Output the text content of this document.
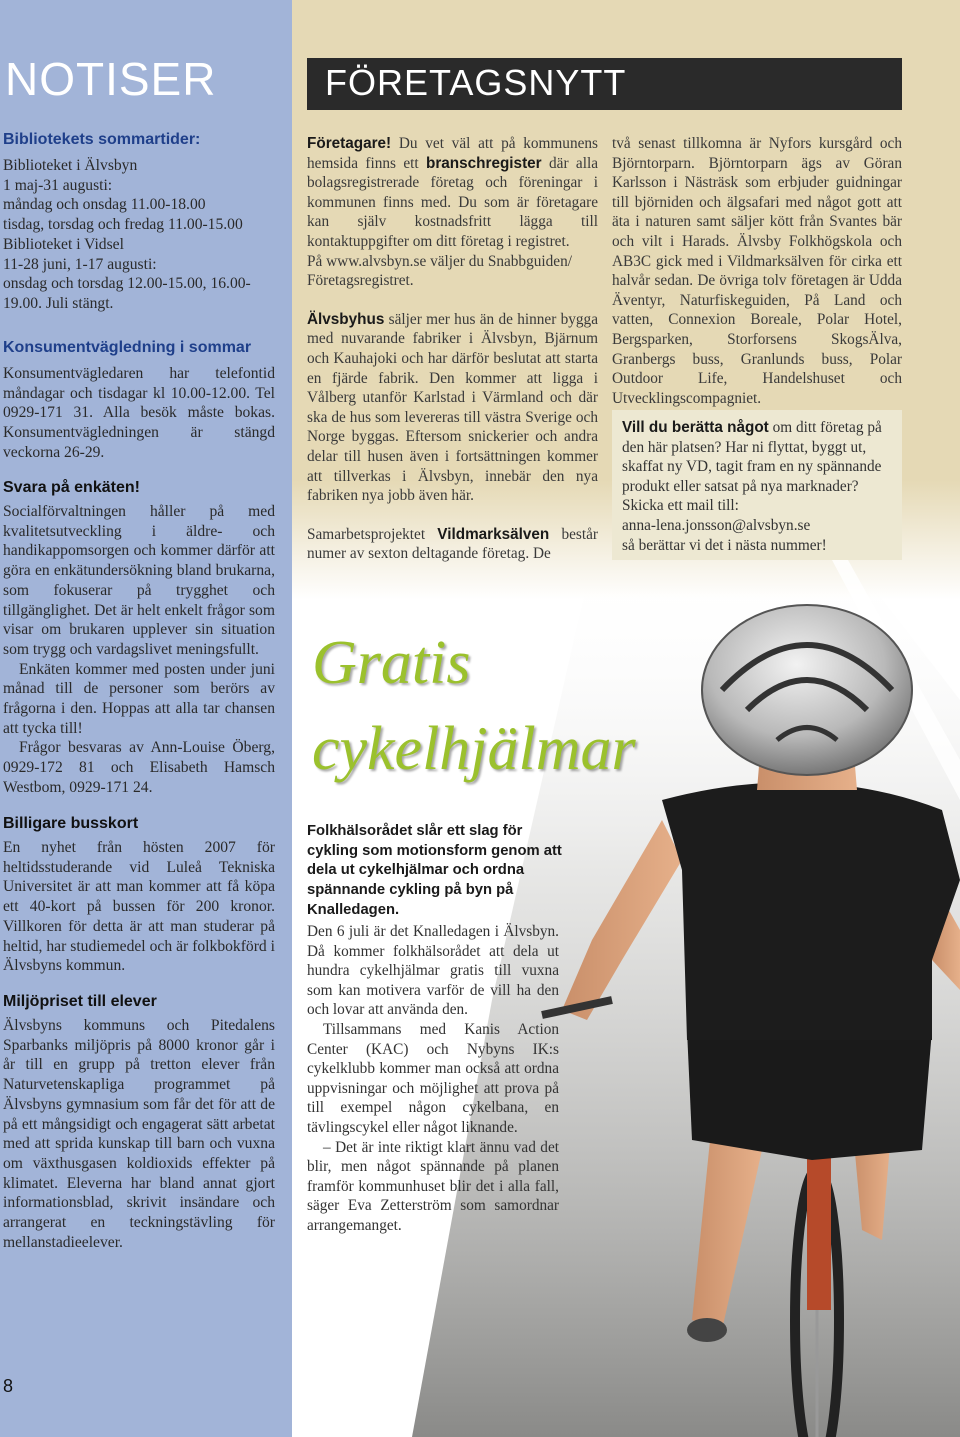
NOTISER
Bibliotekets sommartider:

Biblioteket i Älvsbyn

1 maj-31 augusti:

måndag och onsdag 11.00-18.00

tisdag, torsdag och fredag 11.00-15.00

Biblioteket i Vidsel

11-28 juni, 1-17 augusti:

onsdag och torsdag 12.00-15.00, 16.00-19.00. Juli stängt.

Konsumentvägledning i sommar

Konsumentvägledaren har telefontid måndagar och tisdagar kl 10.00-12.00. Tel 0929-171 31. Alla besök måste bokas. Konsumentvägledningen är stängd veckorna 26-29.

Svara på enkäten!

Socialförvaltningen håller på med kvalitetsutveckling i äldre- och handikappomsorgen och kommer därför att göra en enkätundersökning bland brukarna, som fokuserar på trygghet och tillgänglighet. Det är helt enkelt frågor som visar om brukaren upplever sin situation som trygg och vardagslivet meningsfullt.

Enkäten kommer med posten under juni månad till de personer som berörs av frågorna i den. Hoppas att alla tar chansen att tycka till!

Frågor besvaras av Ann-Louise Öberg, 0929-172 81 och Elisabeth Hamsch Westbom, 0929-171 24.

Billigare busskort

En nyhet från hösten 2007 för heltidsstuderande vid Luleå Tekniska Universitet är att man kommer att få köpa ett 40-kort på bussen för 200 kronor. Villkoren för detta är att man studerar på heltid, har studiemedel och är folkbokförd i Älvsbyns kommun.

Miljöpriset till elever

Älvsbyns kommuns och Pitedalens Sparbanks miljöpris på 8000 kronor går i år till en grupp på tretton elever från Naturvetenskapliga programmet på Älvsbyns gymnasium som får det för att de på ett mångsidigt och engagerat sätt arbetat med att sprida kunskap till barn och vuxna om växthusgasen koldioxids effekter på klimatet. Eleverna har bland annat gjort informationsblad, skrivit insändare och arrangerat en teckningstävling för mellanstadieelever.

8
FÖRETAGSNYTT

Företagare! Du vet väl att på kommunens hemsida finns ett branschregister där alla bolagsregistrerade företag och föreningar i kommunen finns med. Du som är företagare kan själv kostnadsfritt lägga till kontaktuppgifter om ditt företag i registret.

På www.alvsbyn.se väljer du Snabbguiden/ Företagsregistret.

Älvsbyhus säljer mer hus än de hinner bygga med nuvarande fabriker i Älvsbyn, Bjärnum och Kauhajoki och har därför beslutat att starta en fjärde fabrik. Den kommer att ligga i Vålberg utanför Karlstad i Värmland och där ska de hus som levereras till västra Sverige och Norge byggas. Eftersom snickerier och andra delar till husen även i fortsättningen kommer att tillverkas i Älvsbyn, innebär den nya fabriken nya jobb även här.

Samarbetsprojektet Vildmarksälven består numer av sexton deltagande företag. De

två senast tillkomna är Nyfors kursgård och Björntorparn. Björntorparn ägs av Göran Karlsson i Nästräsk som erbjuder guidningar till björniden och älgsafari med något gott att äta i naturen samt säljer kött från Svantes bär och vilt i Harads. Älvsby Folkhögskola och AB3C gick med i Vildmarksälven för cirka ett halvår sedan. De övriga tolv företagen är Udda Äventyr, Naturfiskeguiden, På Land och vatten, Connexion Boreale, Polar Hotel, Bergsparken, Storforsens SkogsÄlva, Granbergs buss, Granlunds buss, Polar Outdoor Life, Handelshuset och Utvecklingscompagniet.

Vill du berätta något om ditt företag på den här platsen? Har ni flyttat, byggt ut, skaffat ny VD, tagit fram en ny spännande produkt eller satsat på nya marknader? Skicka ett mail till:

anna-lena.jonsson@alvsbyn.se

så berättar vi det i nästa nummer!

Gratis
cykelhjälmar
Folkhälsorådet slår ett slag för cykling som motionsform genom att dela ut cykelhjälmar och ordna spännande cykling på byn på Knalledagen.

Den 6 juli är det Knalledagen i Älvsbyn. Då kommer folkhälsorådet att dela ut hundra cykelhjälmar gratis till vuxna som kan motivera varför de vill ha den och lovar att använda den.

Tillsammans med Kanis Action Center (KAC) och Nybyns IK:s cykelklubb kommer man också att ordna uppvisningar och möjlighet att prova på till exempel någon cykelbana, en tävlingscykel eller något liknande.

– Det är inte riktigt klart ännu vad det blir, men något spännande på planen framför kommunhuset blir det i alla fall, säger Eva Zetterström som samordnar arrangemanget.
